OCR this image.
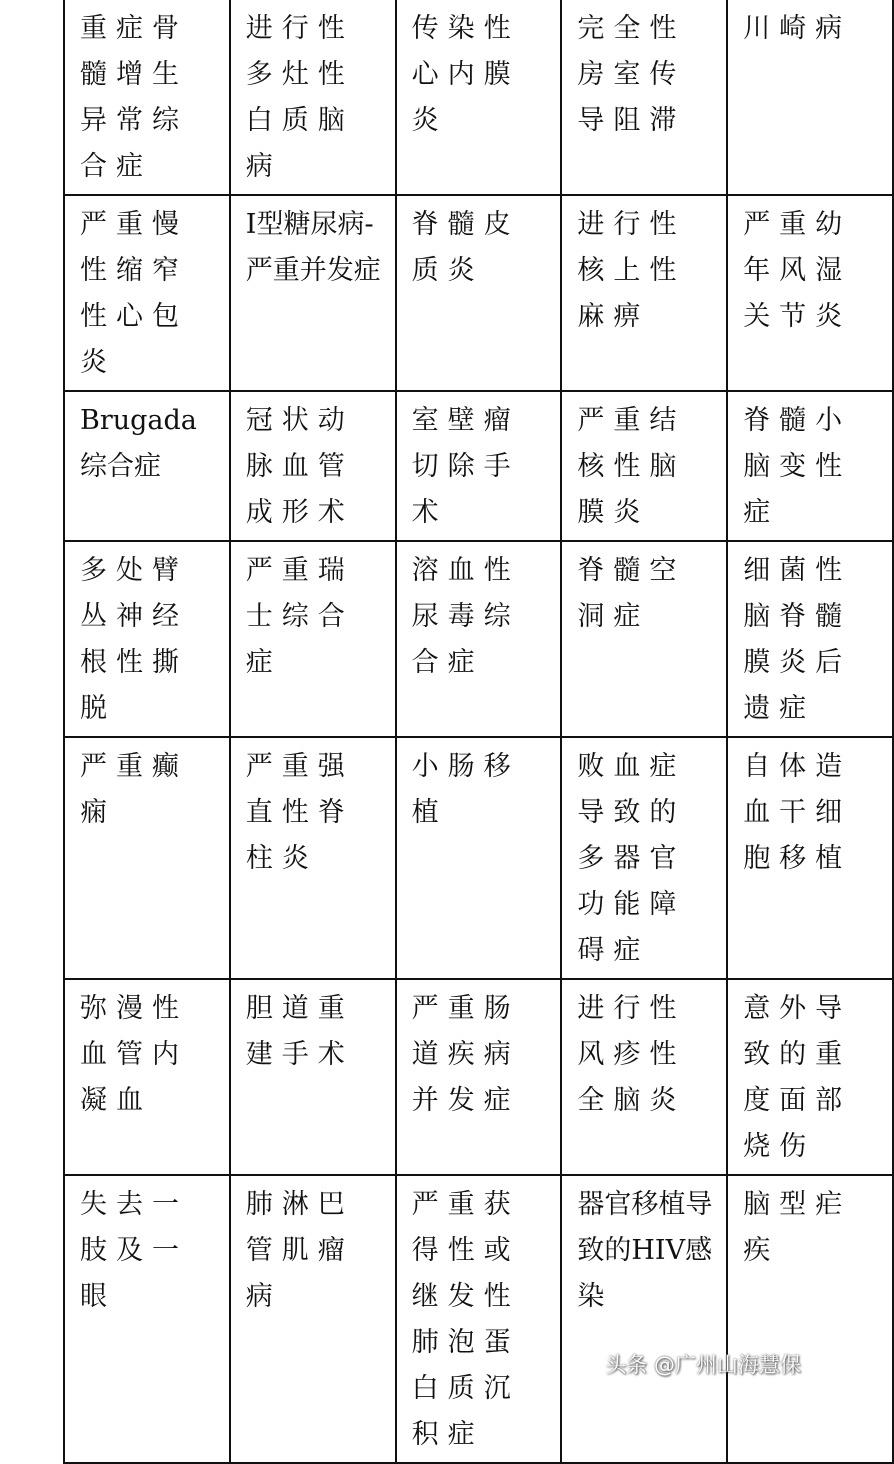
重症骨髓增生异常综合症	进行性多灶性白质脑病	传染性心内膜炎	完全性房室传导阻滞	川崎病
严重慢性缩窄性心包炎	I型糖尿病-严重并发症	脊髓皮质炎	进行性核上性麻痹	严重幼年风湿关节炎
Brugada综合症	冠状动脉血管成形术	室壁瘤切除手术	严重结核性脑膜炎	脊髓小脑变性症
多处臂丛神经根性撕脱	严重瑞士综合症	溶血性尿毒综合症	脊髓空洞症	细菌性脑脊髓膜炎后遗症
严重癫痫	严重强直性脊柱炎	小肠移植	败血症导致的多器官功能障碍症	自体造血干细胞移植
弥漫性血管内凝血	胆道重建手术	严重肠道疾病并发症	进行性风疹性全脑炎	意外导致的重度面部烧伤
失去一肢及一眼	肺淋巴管肌瘤病	严重获得性或继发性肺泡蛋白质沉积症	器官移植导致的HIV感染	脑型疟疾
头条 @广州山海慧保
